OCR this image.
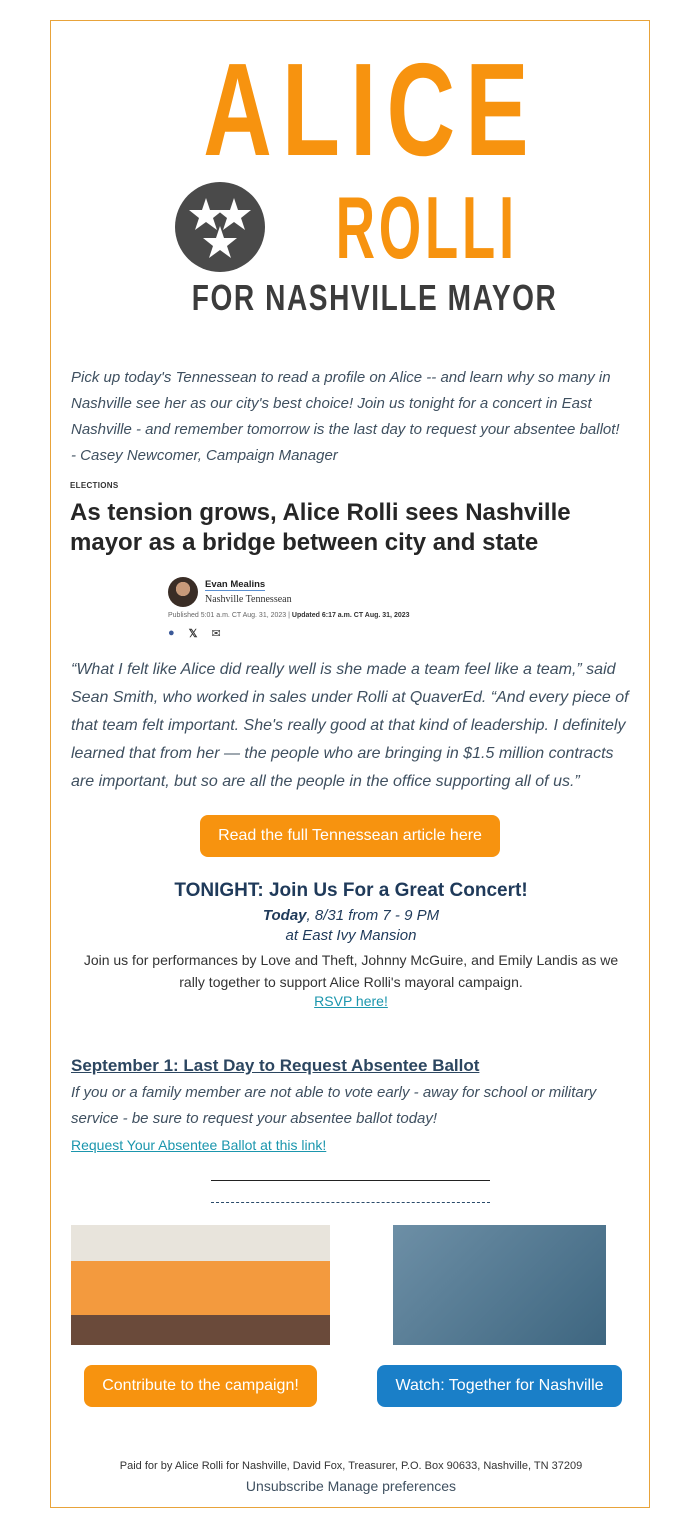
ALICE
ROLLI
FOR NASHVILLE MAYOR
Pick up today's Tennessean to read a profile on Alice -- and learn why so many in Nashville see her as our city's best choice! Join us tonight for a concert in East Nashville - and remember tomorrow is the last day to request your absentee ballot!
- Casey Newcomer, Campaign Manager
ELECTIONS
As tension grows, Alice Rolli sees Nashville mayor as a bridge between city and state
Evan Mealins
Nashville Tennessean
Published 5:01 a.m. CT Aug. 31, 2023 | Updated 6:17 a.m. CT Aug. 31, 2023
● 𝕏 ✉
“What I felt like Alice did really well is she made a team feel like a team,” said Sean Smith, who worked in sales under Rolli at QuaverEd. “And every piece of that team felt important. She's really good at that kind of leadership. I definitely learned that from her — the people who are bringing in $1.5 million contracts are important, but so are all the people in the office supporting all of us.”
Read the full Tennessean article here
TONIGHT: Join Us For a Great Concert!
Today, 8/31 from 7 - 9 PM
at East Ivy Mansion
Join us for performances by Love and Theft, Johnny McGuire, and Emily Landis as we rally together to support Alice Rolli's mayoral campaign.
RSVP here!
September 1: Last Day to Request Absentee Ballot
If you or a family member are not able to vote early - away for school or military service - be sure to request your absentee ballot today!
Request Your Absentee Ballot at this link!
Contribute to the campaign!	Watch: Together for Nashville
Paid for by Alice Rolli for Nashville, David Fox, Treasurer, P.O. Box 90633, Nashville, TN 37209
Unsubscribe Manage preferences
